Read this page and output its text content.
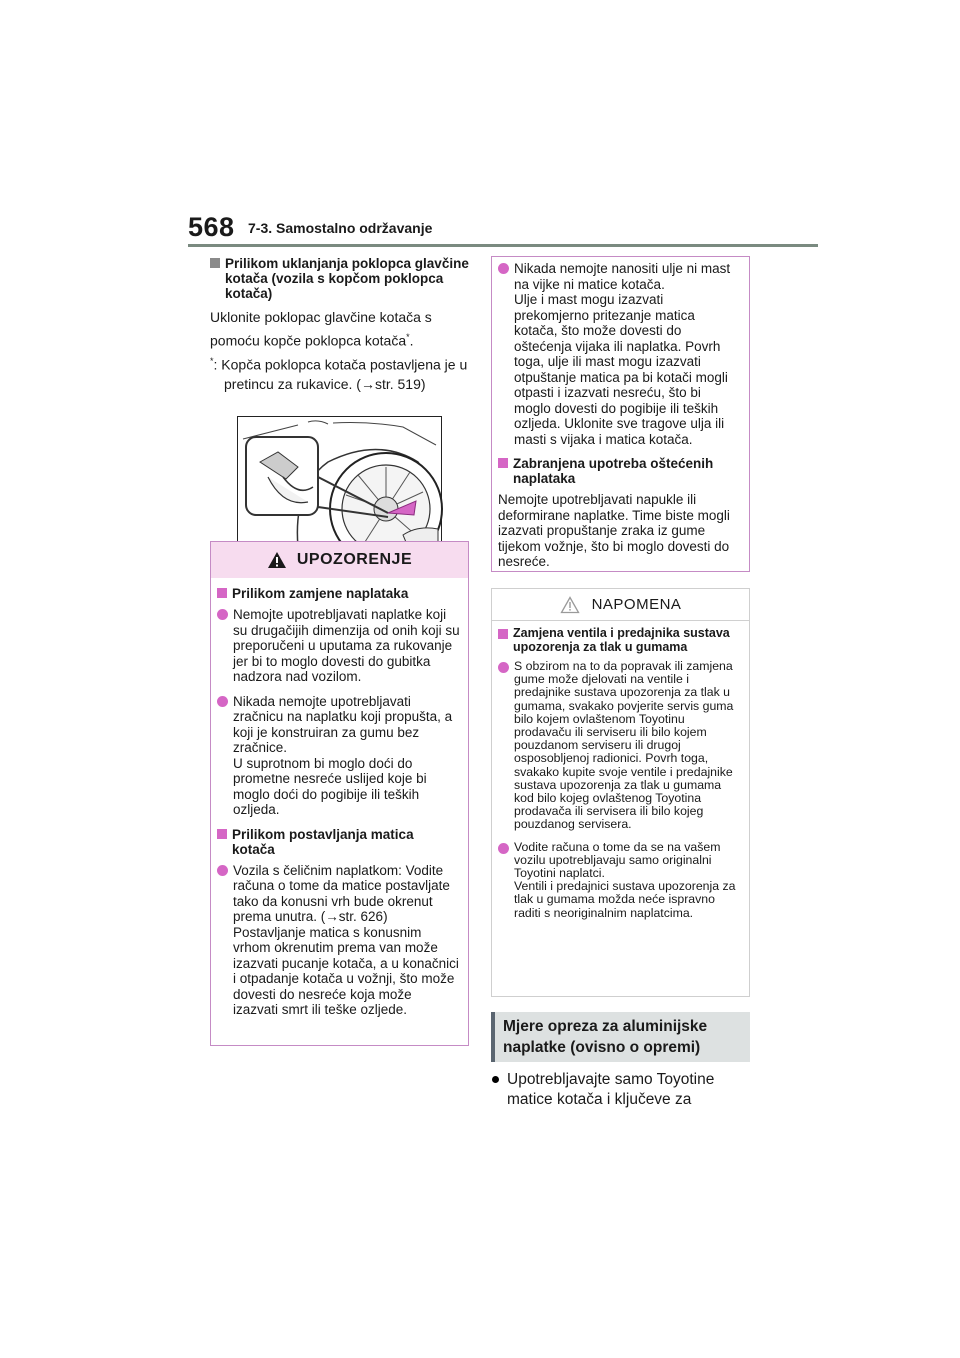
568 7-3. Samostalno održavanje
Prilikom uklanjanja poklopca glavčine kotača (vozila s kopčom poklopca kotača)

Uklonite poklopac glavčine kotača s pomoću kopče poklopca kotača*.

*: Kopča poklopca kotača postavljena je u pretincu za rukavice. (→str. 519)

UPOZORENJE
Prilikom zamjene naplataka
Nemojte upotrebljavati naplatke koji su drugačijih dimenzija od onih koji su preporučeni u uputama za rukovanje jer bi to moglo dovesti do gubitka nadzora nad vozilom.
Nikada nemojte upotrebljavati zračnicu na naplatku koji propušta, a koji je konstruiran za gumu bez zračnice.
U suprotnom bi moglo doći do prometne nesreće uslijed koje bi moglo doći do pogibije ili teških ozljeda.
Prilikom postavljanja matica kotača
Vozila s čeličnim naplatkom: Vodite računa o tome da matice postavljate tako da konusni vrh bude okrenut prema unutra. (→str. 626)
Postavljanje matica s konusnim vrhom okrenutim prema van može izazvati pucanje kotača, a u konačnici i otpadanje kotača u vožnji, što može dovesti do nesreće koja može izazvati smrt ili teške ozljede.
Nikada nemojte nanositi ulje ni mast na vijke ni matice kotača.
Ulje i mast mogu izazvati prekomjerno pritezanje matica kotača, što može dovesti do oštećenja vijaka ili naplatka. Povrh toga, ulje ili mast mogu izazvati otpuštanje matica pa bi kotači mogli otpasti i izazvati nesreću, što bi moglo dovesti do pogibije ili teških ozljeda. Uklonite sve tragove ulja ili masti s vijaka i matica kotača.
Zabranjena upotreba oštećenih naplataka

Nemojte upotrebljavati napukle ili deformirane naplatke. Time biste mogli izazvati propuštanje zraka iz gume tijekom vožnje, što bi moglo dovesti do nesreće.

NAPOMENA
Zamjena ventila i predajnika sustava upozorenja za tlak u gumama
S obzirom na to da popravak ili zamjena gume može djelovati na ventile i predajnike sustava upozorenja za tlak u gumama, svakako povjerite servis guma bilo kojem ovlaštenom Toyotinu prodavaču ili serviseru ili bilo kojem pouzdanom serviseru ili drugoj osposobljenoj radionici. Povrh toga, svakako kupite svoje ventile i predajnike sustava upozorenja za tlak u gumama kod bilo kojeg ovlaštenog Toyotina prodavača ili servisera ili bilo kojeg pouzdanog servisera.
Vodite računa o tome da se na vašem vozilu upotrebljavaju samo originalni Toyotini naplatci.
Ventili i predajnici sustava upozorenja za tlak u gumama možda neće ispravno raditi s neoriginalnim naplatcima.
Mjere opreza za aluminijske
naplatke (ovisno o opremi)
Upotrebljavajte samo Toyotine matice kotača i ključeve za
